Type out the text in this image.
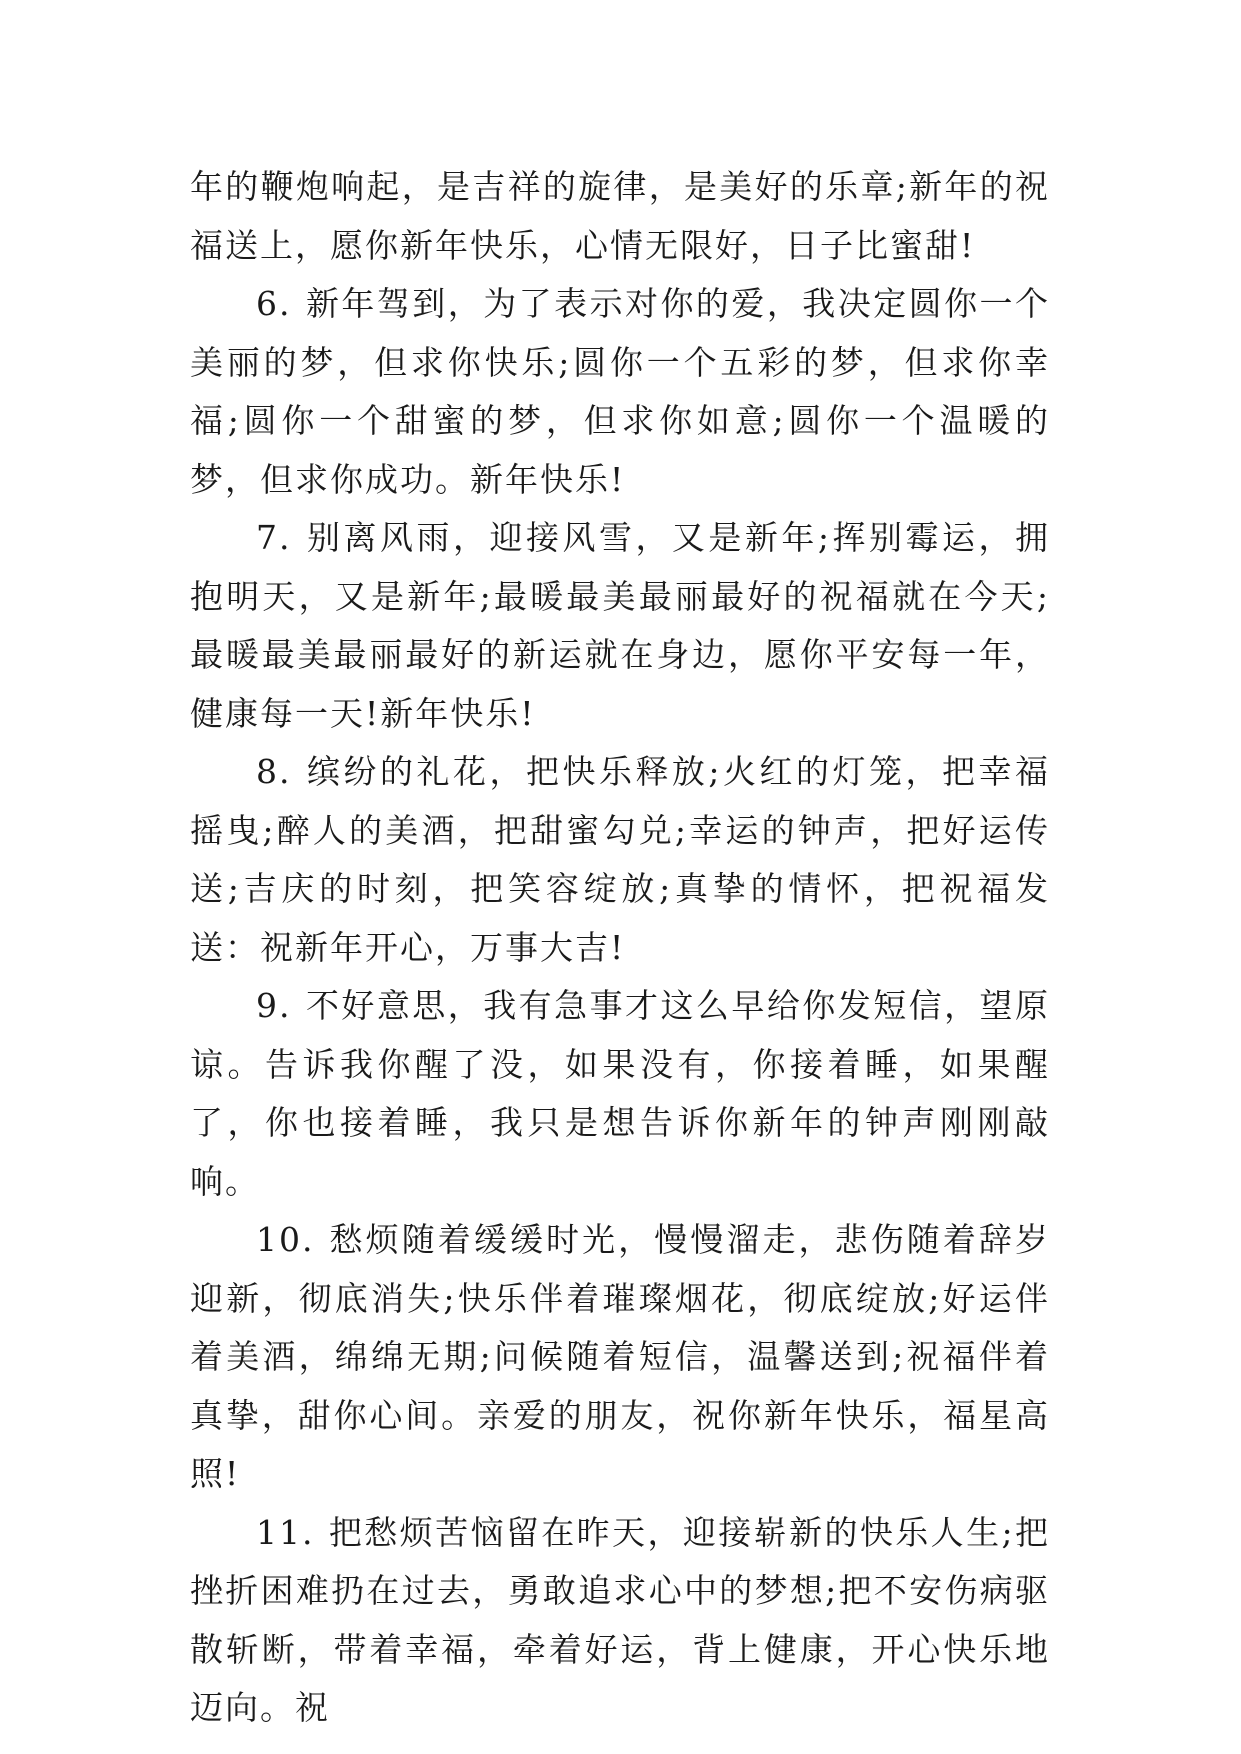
年的鞭炮响起，是吉祥的旋律，是美好的乐章;新年的祝福送上，愿你新年快乐，心情无限好，日子比蜜甜!

6. 新年驾到，为了表示对你的爱，我决定圆你一个美丽的梦，但求你快乐;圆你一个五彩的梦，但求你幸福;圆你一个甜蜜的梦，但求你如意;圆你一个温暖的梦，但求你成功。新年快乐!

7. 别离风雨，迎接风雪，又是新年;挥别霉运，拥抱明天，又是新年;最暖最美最丽最好的祝福就在今天;最暖最美最丽最好的新运就在身边，愿你平安每一年，健康每一天!新年快乐!

8. 缤纷的礼花，把快乐释放;火红的灯笼，把幸福摇曳;醉人的美酒，把甜蜜勾兑;幸运的钟声，把好运传送;吉庆的时刻，把笑容绽放;真挚的情怀，把祝福发送：祝新年开心，万事大吉!

9. 不好意思，我有急事才这么早给你发短信，望原谅。告诉我你醒了没，如果没有，你接着睡，如果醒了，你也接着睡，我只是想告诉你新年的钟声刚刚敲响。

10. 愁烦随着缓缓时光，慢慢溜走，悲伤随着辞岁迎新，彻底消失;快乐伴着璀璨烟花，彻底绽放;好运伴着美酒，绵绵无期;问候随着短信，温馨送到;祝福伴着真挚，甜你心间。亲爱的朋友，祝你新年快乐，福星高照!

11. 把愁烦苦恼留在昨天，迎接崭新的快乐人生;把挫折困难扔在过去，勇敢追求心中的梦想;把不安伤病驱散斩断，带着幸福，牵着好运，背上健康，开心快乐地迈向。祝
